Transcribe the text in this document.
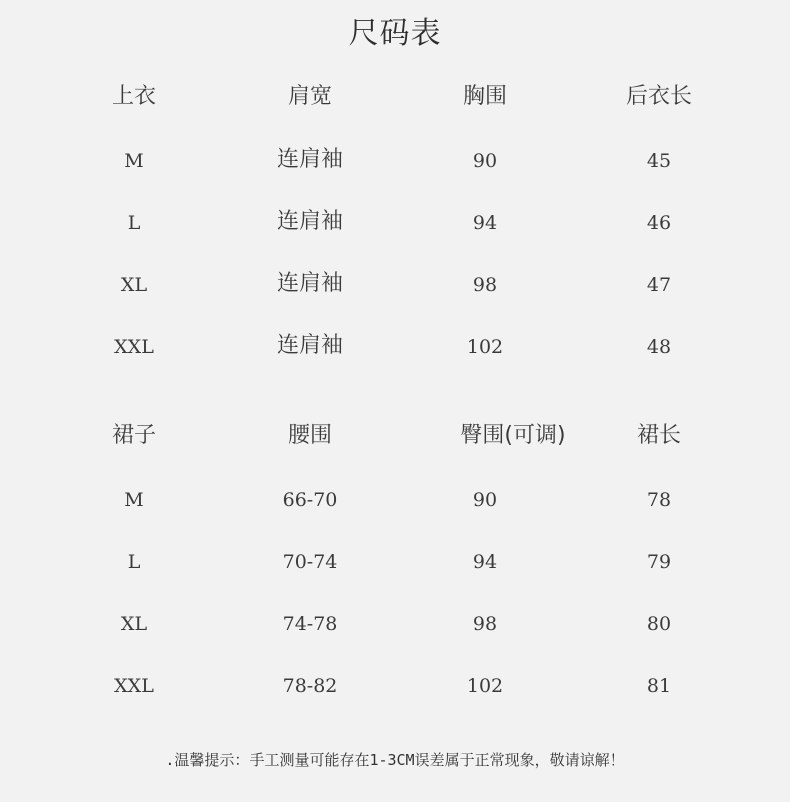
尺码表
上衣	肩宽	胸围	后衣长
M	连肩袖	90	45
L	连肩袖	94	46
XL	连肩袖	98	47
XXL	连肩袖	102	48
裙子	腰围	臀围(可调)	裙长
M	66-70	90	78
L	70-74	94	79
XL	74-78	98	80
XXL	78-82	102	81
.温馨提示：手工测量可能存在1-3CM误差属于正常现象，敬请谅解！
